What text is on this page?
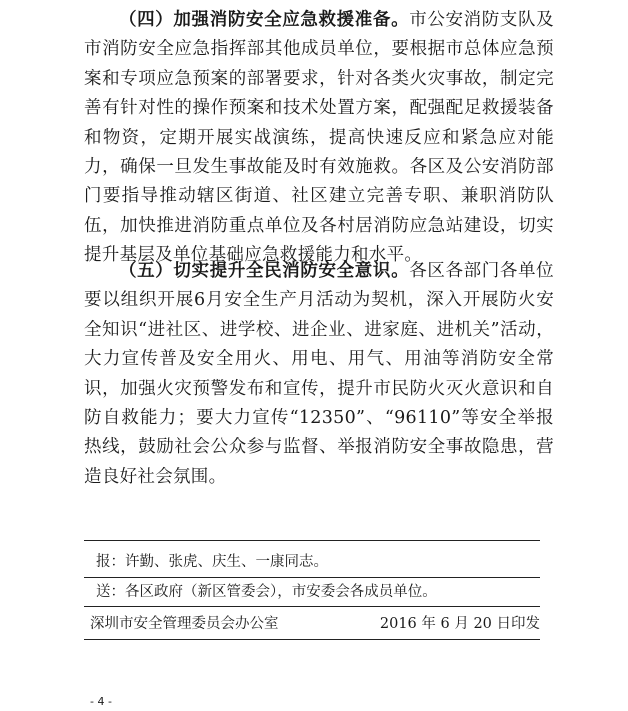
（四）加强消防安全应急救援准备。市公安消防支队及市消防安全应急指挥部其他成员单位，要根据市总体应急预案和专项应急预案的部署要求，针对各类火灾事故，制定完善有针对性的操作预案和技术处置方案，配强配足救援装备和物资，定期开展实战演练，提高快速反应和紧急应对能力，确保一旦发生事故能及时有效施救。各区及公安消防部门要指导推动辖区街道、社区建立完善专职、兼职消防队伍，加快推进消防重点单位及各村居消防应急站建设，切实提升基层及单位基础应急救援能力和水平。

（五）切实提升全民消防安全意识。各区各部门各单位要以组织开展6月安全生产月活动为契机，深入开展防火安全知识“进社区、进学校、进企业、进家庭、进机关”活动，大力宣传普及安全用火、用电、用气、用油等消防安全常识，加强火灾预警发布和宣传，提升市民防火灭火意识和自防自救能力；要大力宣传“12350”、“96110”等安全举报热线，鼓励社会公众参与监督、举报消防安全事故隐患，营造良好社会氛围。

报：许勤、张虎、庆生、一康同志。
送：各区政府（新区管委会），市安委会各成员单位。
深圳市安全管理委员会办公室	2016 年 6 月 20 日印发
- 4 -
